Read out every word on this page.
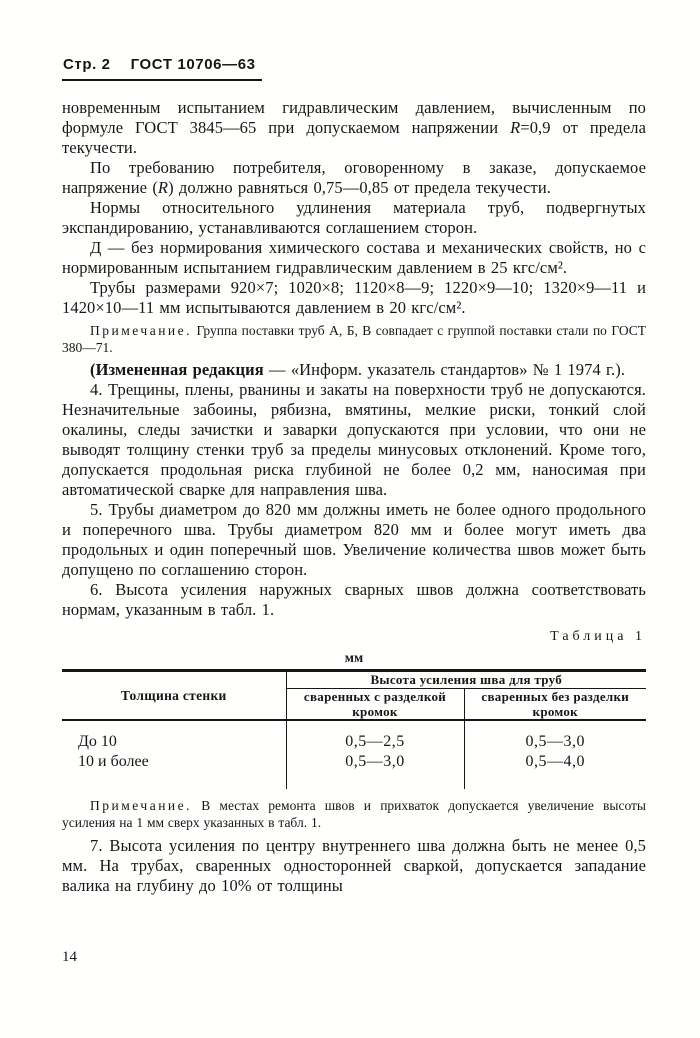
Стр. 2 ГОСТ 10706—63

новременным испытанием гидравлическим давлением, вычисленным по формуле ГОСТ 3845—65 при допускаемом напряжении R=0,9 от предела текучести.

По требованию потребителя, оговоренному в заказе, допускаемое напряжение (R) должно равняться 0,75—0,85 от предела текучести.

Нормы относительного удлинения материала труб, подвергнутых экспандированию, устанавливаются соглашением сторон.

Д — без нормирования химического состава и механических свойств, но с нормированным испытанием гидравлическим давлением в 25 кгс/см².

Трубы размерами 920×7; 1020×8; 1120×8—9; 1220×9—10; 1320×9—11 и 1420×10—11 мм испытываются давлением в 20 кгс/см².

Примечание. Группа поставки труб А, Б, В совпадает с группой поставки стали по ГОСТ 380—71.

(Измененная редакция — «Информ. указатель стандартов» № 1 1974 г.).

4. Трещины, плены, рванины и закаты на поверхности труб не допускаются. Незначительные забоины, рябизна, вмятины, мелкие риски, тонкий слой окалины, следы зачистки и заварки допускаются при условии, что они не выводят толщину стенки труб за пределы минусовых отклонений. Кроме того, допускается продольная риска глубиной не более 0,2 мм, наносимая при автоматической сварке для направления шва.

5. Трубы диаметром до 820 мм должны иметь не более одного продольного и поперечного шва. Трубы диаметром 820 мм и более могут иметь два продольных и один поперечный шов. Увеличение количества швов может быть допущено по соглашению сторон.

6. Высота усиления наружных сварных швов должна соответствовать нормам, указанным в табл. 1.

Таблица 1
мм
Толщина стенки	Высота усиления шва для труб	
	сваренных с разделкой кромок	сваренных без разделки кромок
До 10	0,5—2,5	0,5—3,0
10 и более	0,5—3,0	0,5—4,0

Примечание. В местах ремонта швов и прихваток допускается увеличение высоты усиления на 1 мм сверх указанных в табл. 1.

7. Высота усиления по центру внутреннего шва должна быть не менее 0,5 мм. На трубах, сваренных односторонней сваркой, допускается западание валика на глубину до 10% от толщины

14
